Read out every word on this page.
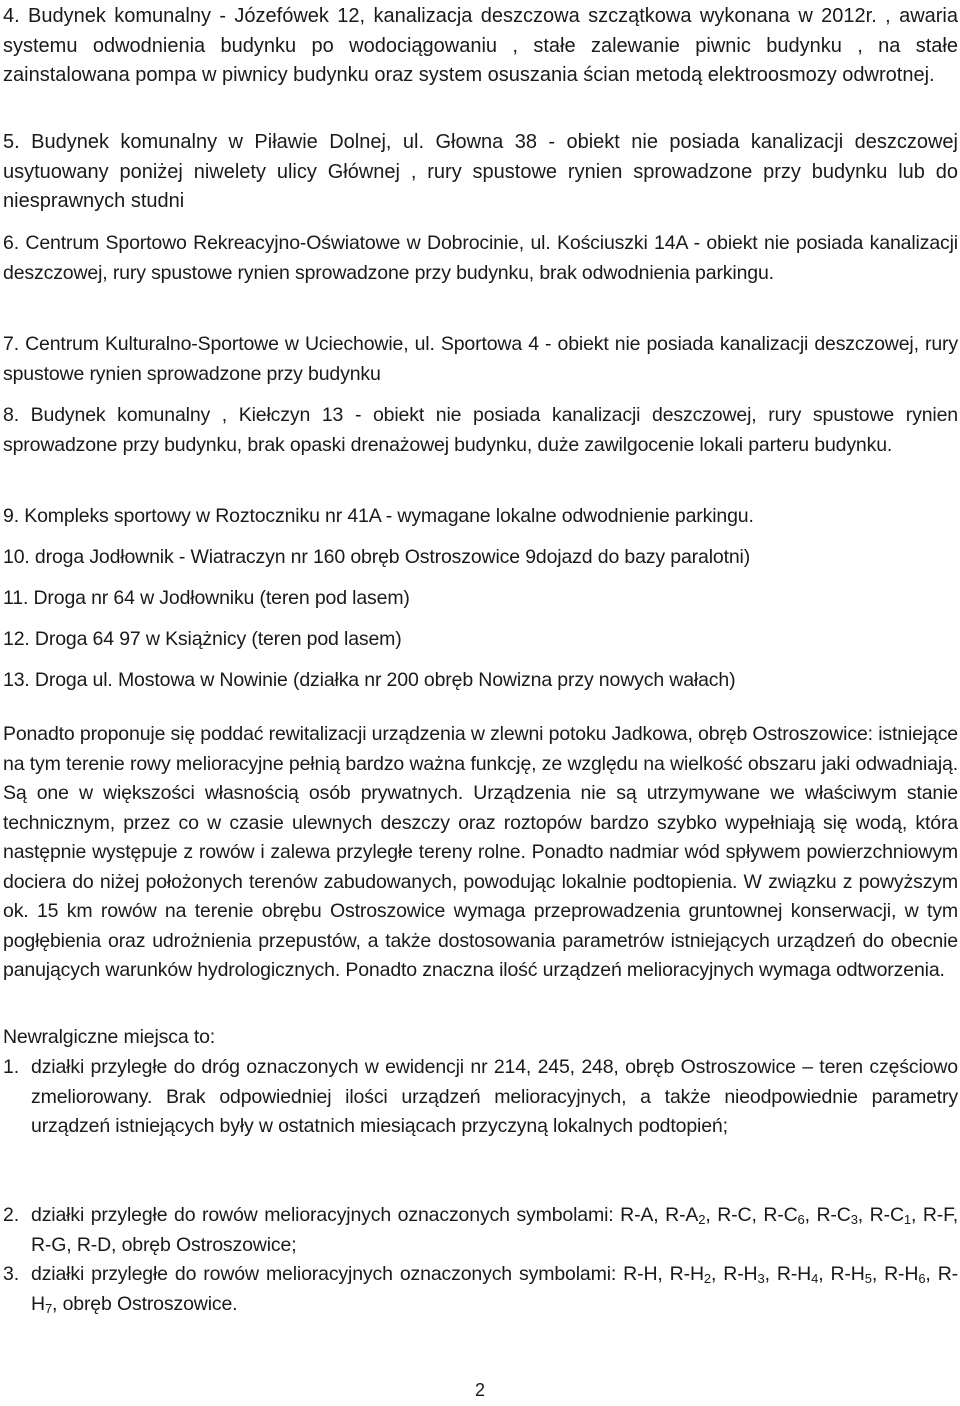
4. Budynek komunalny - Józefówek 12, kanalizacja deszczowa szczątkowa wykonana w 2012r. , awaria systemu odwodnienia budynku po wodociągowaniu , stałe zalewanie piwnic budynku , na stałe zainstalowana pompa w piwnicy budynku oraz system osuszania ścian metodą elektroosmozy odwrotnej.

5. Budynek komunalny w Piławie Dolnej, ul. Głowna 38 - obiekt nie posiada kanalizacji deszczowej usytuowany poniżej niwelety ulicy Głównej , rury spustowe rynien sprowadzone przy budynku lub do niesprawnych studni

6. Centrum Sportowo Rekreacyjno-Oświatowe w Dobrocinie, ul. Kościuszki 14A - obiekt nie posiada kanalizacji deszczowej, rury spustowe rynien sprowadzone przy budynku, brak odwodnienia parkingu.

7. Centrum Kulturalno-Sportowe w Uciechowie, ul. Sportowa 4 - obiekt nie posiada kanalizacji deszczowej, rury spustowe rynien sprowadzone przy budynku

8. Budynek komunalny , Kiełczyn 13 - obiekt nie posiada kanalizacji deszczowej, rury spustowe rynien sprowadzone przy budynku, brak opaski drenażowej budynku, duże zawilgocenie lokali parteru budynku.

9. Kompleks sportowy w Roztoczniku nr 41A - wymagane lokalne odwodnienie parkingu.

10. droga Jodłownik - Wiatraczyn nr 160 obręb Ostroszowice 9dojazd do bazy paralotni)

11. Droga nr 64 w Jodłowniku (teren pod lasem)

12. Droga 64 97 w Książnicy (teren pod lasem)

13. Droga ul. Mostowa w Nowinie (działka nr 200 obręb Nowizna przy nowych wałach)

Ponadto proponuje się poddać rewitalizacji urządzenia w zlewni potoku Jadkowa, obręb Ostroszowice: istniejące na tym terenie rowy melioracyjne pełnią bardzo ważna funkcję, ze względu na wielkość obszaru jaki odwadniają. Są one w większości własnością osób prywatnych. Urządzenia nie są utrzymywane we właściwym stanie technicznym, przez co w czasie ulewnych deszczy oraz roztopów bardzo szybko wypełniają się wodą, która następnie występuje z rowów i zalewa przyległe tereny rolne. Ponadto nadmiar wód spływem powierzchniowym dociera do niżej położonych terenów zabudowanych, powodując lokalnie podtopienia. W związku z powyższym ok. 15 km rowów na terenie obrębu Ostroszowice wymaga przeprowadzenia gruntownej konserwacji, w tym pogłębienia oraz udrożnienia przepustów, a także dostosowania parametrów istniejących urządzeń do obecnie panujących warunków hydrologicznych. Ponadto znaczna ilość urządzeń melioracyjnych wymaga odtworzenia.

Newralgiczne miejsca to:

1. działki przyległe do dróg oznaczonych w ewidencji nr 214, 245, 248, obręb Ostroszowice – teren częściowo zmeliorowany. Brak odpowiedniej ilości urządzeń melioracyjnych, a także nieodpowiednie parametry urządzeń istniejących były w ostatnich miesiącach przyczyną lokalnych podtopień;
2. działki przyległe do rowów melioracyjnych oznaczonych symbolami: R-A, $R-A_2$, R-C, $R-C_6$, $R-C_3$, $R-C_1$, R-F, R-G, R-D, obręb Ostroszowice;
3. działki przyległe do rowów melioracyjnych oznaczonych symbolami: R-H, $R-H_2$, $R-H_3$, $R-H_4$, $R-H_5$, $R-H_6$, $R-H_7$, obręb Ostroszowice.
2
